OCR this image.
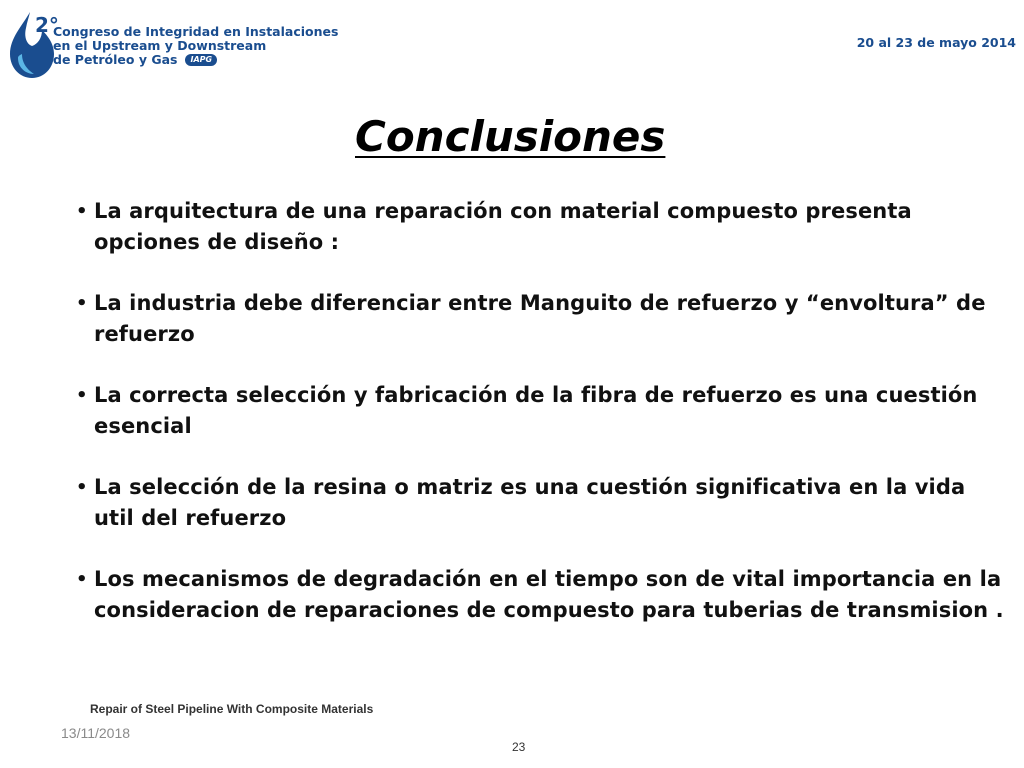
2°
Congreso de Integridad en Instalaciones
en el Upstream y Downstream
de Petróleo y Gas	IAPG
20 al 23 de mayo 2014
Conclusiones
• La arquitectura de una reparación con material compuesto presenta opciones de diseño :
• La industria debe diferenciar entre Manguito de refuerzo y “envoltura” de refuerzo
• La correcta selección y fabricación de la fibra de refuerzo es una cuestión esencial
• La selección de la resina o matriz es una cuestión significativa en la vida util del refuerzo
• Los mecanismos de degradación en el tiempo son de vital importancia en la consideracion de reparaciones de compuesto para tuberias de transmision .
Repair of Steel Pipeline With Composite Materials
13/11/2018
23
